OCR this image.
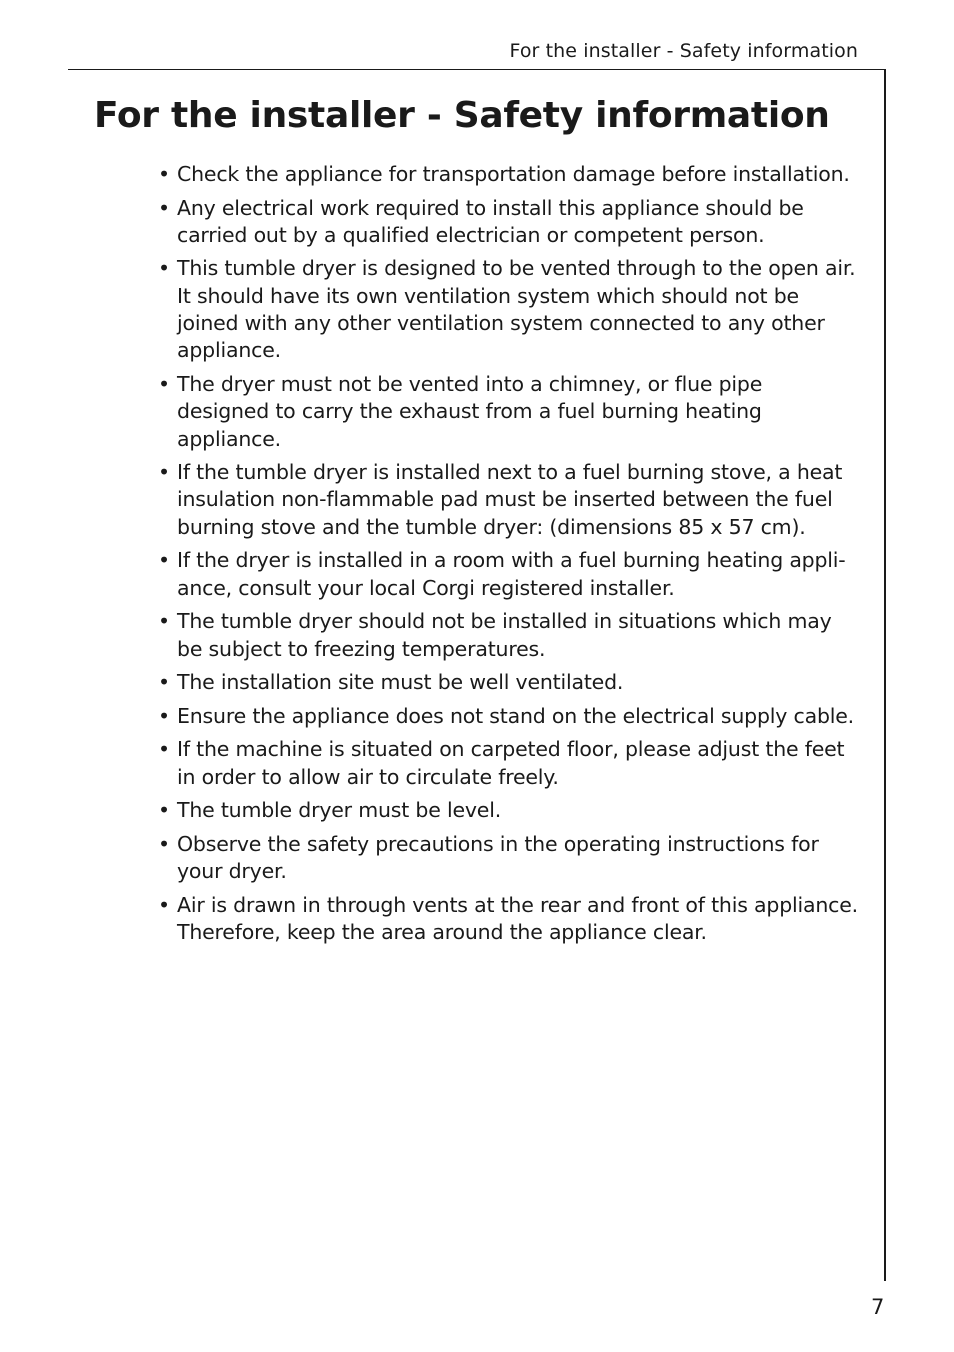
For the installer - Safety information
For the installer - Safety information
• Check the appliance for transportation damage before installation.
• Any electrical work required to install this appliance should be carried out by a qualified electrician or competent person.
• This tumble dryer is designed to be vented through to the open air. It should have its own ventilation system which should not be joined with any other ventilation system connected to any other appliance.
• The dryer must not be vented into a chimney, or flue pipe designed to carry the exhaust from a fuel burning heating appliance.
• If the tumble dryer is installed next to a fuel burning stove, a heat insulation non-flammable pad must be inserted between the fuel burning stove and the tumble dryer: (dimensions 85 x 57 cm).
• If the dryer is installed in a room with a fuel burning heating appli-ance, consult your local Corgi registered installer.
• The tumble dryer should not be installed in situations which may be subject to freezing temperatures.
• The installation site must be well ventilated.
• Ensure the appliance does not stand on the electrical supply cable.
• If the machine is situated on carpeted floor, please adjust the feet in order to allow air to circulate freely.
• The tumble dryer must be level.
• Observe the safety precautions in the operating instructions for your dryer.
• Air is drawn in through vents at the rear and front of this appliance. Therefore, keep the area around the appliance clear.
7
